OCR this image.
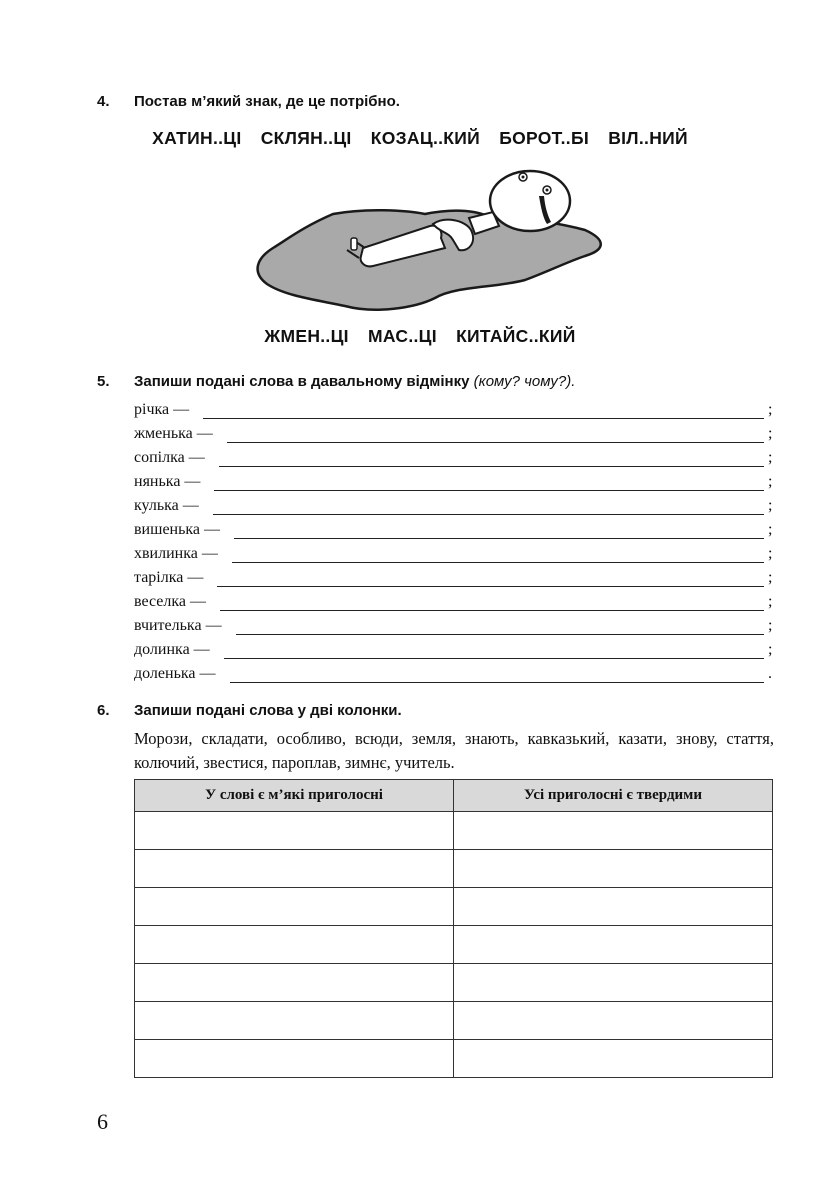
4. Постав м’який знак, де це потрібно.
ХАТИН..ЦІ СКЛЯН..ЦІ КОЗАЦ..КИЙ БОРОТ..БІ ВІЛ..НИЙ
ЖМЕН..ЦІ МАС..ЦІ КИТАЙС..КИЙ
5. Запиши подані слова в давальному відмінку (кому? чому?).
річка —	;
жменька —	;
сопілка —	;
нянька —	;
кулька —	;
вишенька —	;
хвилинка —	;
тарілка —	;
веселка —	;
вчителька —	;
долинка —	;
доленька —	.
6. Запиши подані слова у дві колонки.
Морози, складати, особливо, всюди, земля, знають, кавказький, казати, знову, стаття, колючий, звестися, пароплав, зимнє, учитель.
У слові є м’які приголосні	Усі приголосні є твердими

6
